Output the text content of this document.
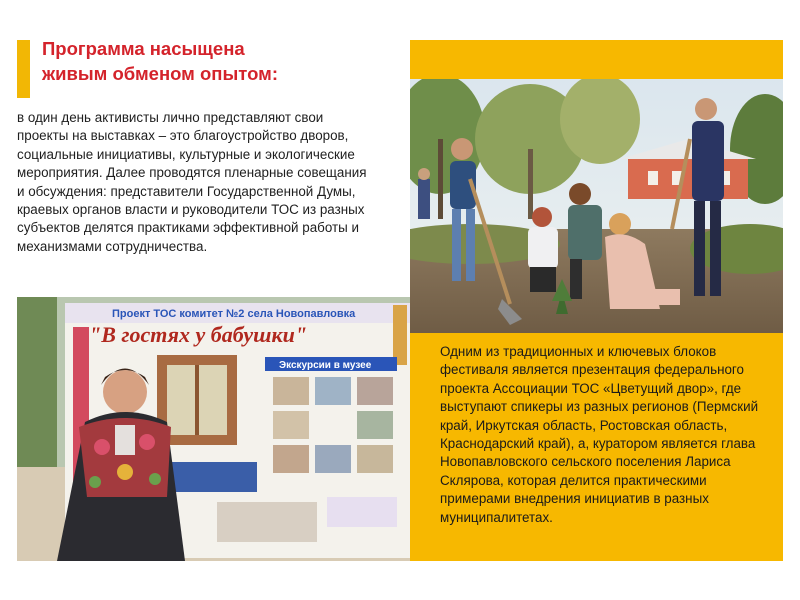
Программа насыщена
живым обменом опытом:

в один день активисты лично представляют свои проекты на выставках – это благоустройство дворов, социальные инициативы, культурные и экологические мероприятия. Далее проводятся пленарные совещания и обсуждения: представители Государственной Думы, краевых органов власти и руководители ТОС из разных субъектов делятся практиками эффективной работы и механизмами сотрудничества.

Одним из традиционных и ключевых блоков фестиваля является презентация федерального проекта Ассоциации ТОС «Цветущий двор», где выступают спикеры из разных регионов (Пермский край, Иркутская область, Ростовская область, Краснодарский край), а, куратором является глава Новопавловского сельского поселения Лариса Склярова, которая делится практическими примерами внедрения инициатив в разных муниципалитетах.

Проект ТОС комитет №2 села Новопавловка
"В гостях у бабушки"
Экскурсии в музее
